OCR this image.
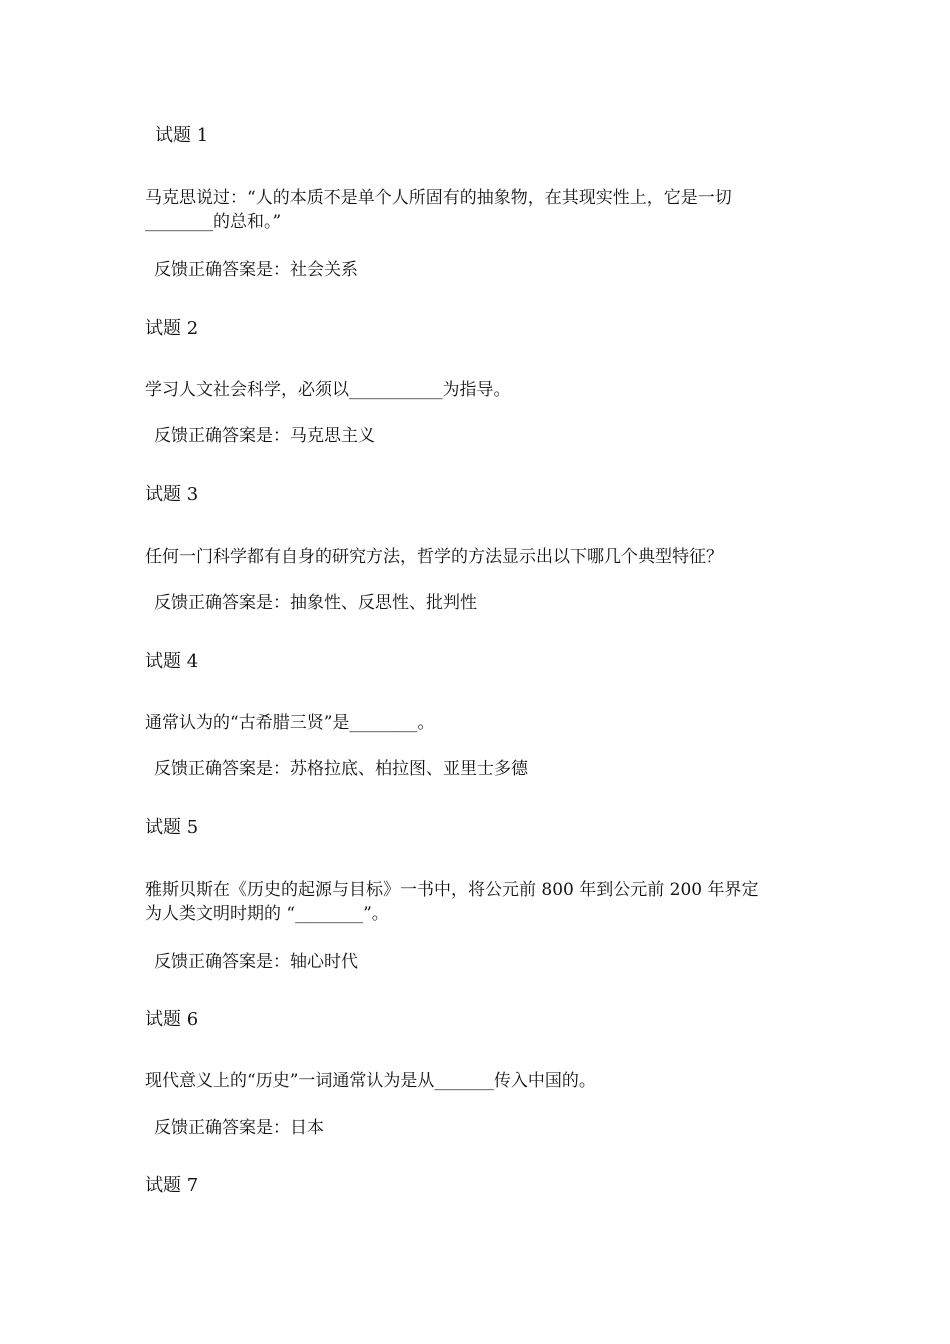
试题 1
马克思说过：“人的本质不是单个人所固有的抽象物，在其现实性上，它是一切
________的总和。”
反馈正确答案是：社会关系
试题 2
学习人文社会科学，必须以___________为指导。
反馈正确答案是：马克思主义
试题 3
任何一门科学都有自身的研究方法，哲学的方法显示出以下哪几个典型特征？
反馈正确答案是：抽象性、反思性、批判性
试题 4
通常认为的“古希腊三贤”是________。
反馈正确答案是：苏格拉底、柏拉图、亚里士多德
试题 5
雅斯贝斯在《历史的起源与目标》一书中，将公元前 800 年到公元前 200 年界定
为人类文明时期的 “________”。
反馈正确答案是：轴心时代
试题 6
现代意义上的“历史”一词通常认为是从_______传入中国的。
反馈正确答案是：日本
试题 7
